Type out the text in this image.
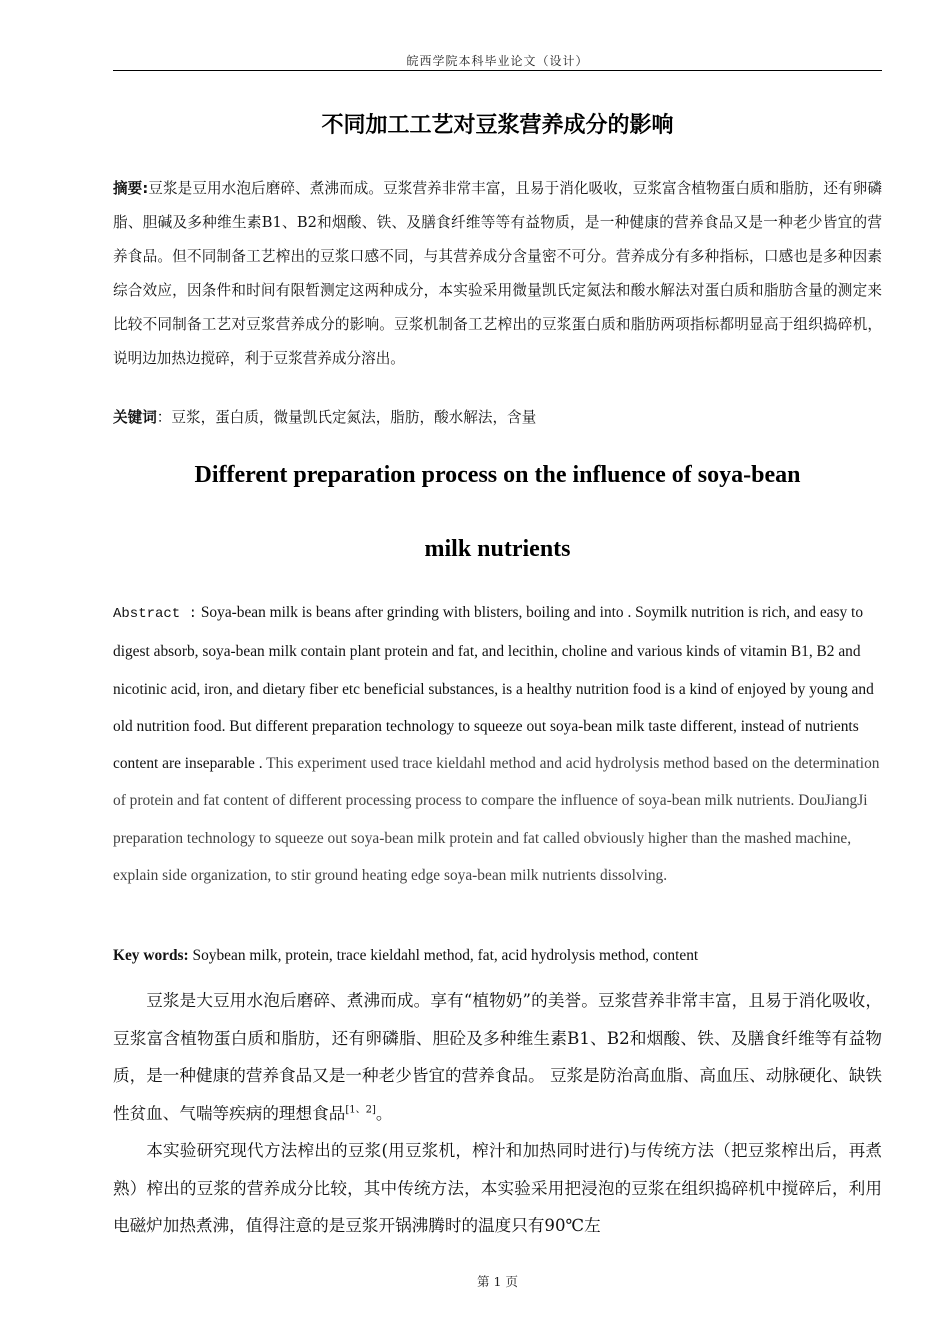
皖西学院本科毕业论文（设计）
不同加工工艺对豆浆营养成分的影响
摘要:豆浆是豆用水泡后磨碎、煮沸而成。豆浆营养非常丰富，且易于消化吸收，豆浆富含植物蛋白质和脂肪，还有卵磷脂、胆碱及多种维生素B1、B2和烟酸、铁、及膳食纤维等等有益物质，是一种健康的营养食品又是一种老少皆宜的营养食品。但不同制备工艺榨出的豆浆口感不同，与其营养成分含量密不可分。营养成分有多种指标，口感也是多种因素综合效应，因条件和时间有限暂测定这两种成分，本实验采用微量凯氏定氮法和酸水解法对蛋白质和脂肪含量的测定来比较不同制备工艺对豆浆营养成分的影响。豆浆机制备工艺榨出的豆浆蛋白质和脂肪两项指标都明显高于组织捣碎机，说明边加热边搅碎，利于豆浆营养成分溶出。
关键词：豆浆，蛋白质，微量凯氏定氮法，脂肪，酸水解法，含量
Different preparation process on the influence of soya-bean
milk nutrients
Abstract : Soya-bean milk is beans after grinding with blisters, boiling and into . Soymilk nutrition is rich, and easy to digest absorb, soya-bean milk contain plant protein and fat, and lecithin, choline and various kinds of vitamin B1, B2 and nicotinic acid, iron, and dietary fiber etc beneficial substances, is a healthy nutrition food is a kind of enjoyed by young and old nutrition food. But different preparation technology to squeeze out soya-bean milk taste different, instead of nutrients content are inseparable . This experiment used trace kieldahl method and acid hydrolysis method based on the determination of protein and fat content of different processing process to compare the influence of soya-bean milk nutrients. DouJiangJi preparation technology to squeeze out soya-bean milk protein and fat called obviously higher than the mashed machine, explain side organization, to stir ground heating edge soya-bean milk nutrients dissolving.
Key words: Soybean milk, protein, trace kieldahl method, fat, acid hydrolysis method, content

豆浆是大豆用水泡后磨碎、煮沸而成。享有“植物奶”的美誉。豆浆营养非常丰富，且易于消化吸收，豆浆富含植物蛋白质和脂肪，还有卵磷脂、胆砼及多种维生素B1、B2和烟酸、铁、及膳食纤维等有益物质，是一种健康的营养食品又是一种老少皆宜的营养食品。 豆浆是防治高血脂、高血压、动脉硬化、缺铁性贫血、气喘等疾病的理想食品[1、2]。

本实验研究现代方法榨出的豆浆(用豆浆机，榨汁和加热同时进行)与传统方法（把豆浆榨出后，再煮熟）榨出的豆浆的营养成分比较，其中传统方法，本实验采用把浸泡的豆浆在组织捣碎机中搅碎后，利用电磁炉加热煮沸，值得注意的是豆浆开锅沸腾时的温度只有90℃左

第 1 页
